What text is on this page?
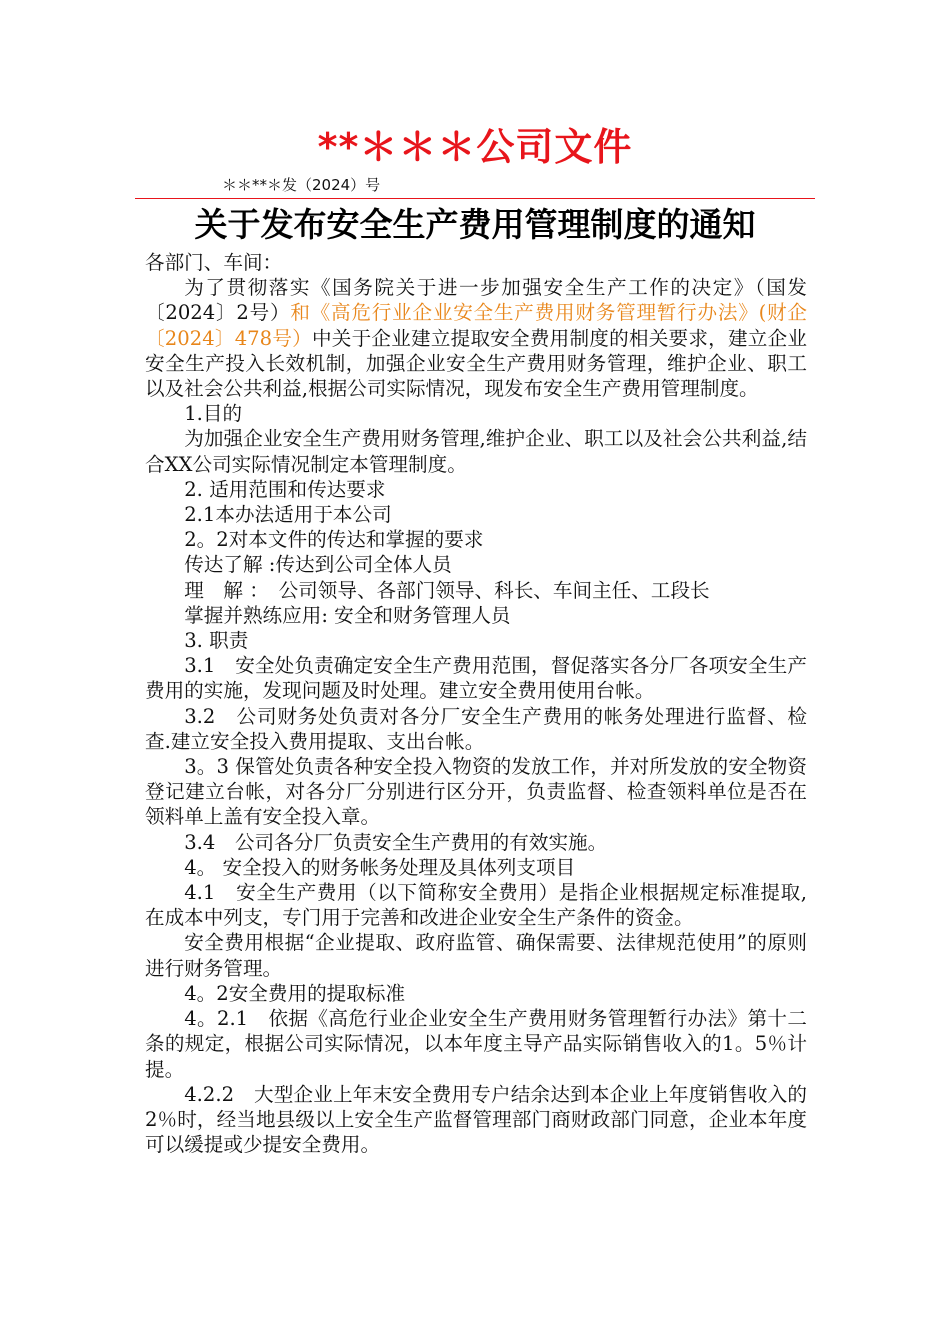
**＊＊＊公司文件
＊＊**＊发（2024）号
关于发布安全生产费用管理制度的通知

各部门、车间：

为了贯彻落实《国务院关于进一步加强安全生产工作的决定》（国发〔2024〕2号）和《高危行业企业安全生产费用财务管理暂行办法》(财企〔2024〕478号）中关于企业建立提取安全费用制度的相关要求，建立企业安全生产投入长效机制，加强企业安全生产费用财务管理，维护企业、职工以及社会公共利益,根据公司实际情况，现发布安全生产费用管理制度。

1.目的

为加强企业安全生产费用财务管理,维护企业、职工以及社会公共利益,结合XX公司实际情况制定本管理制度。

2. 适用范围和传达要求

2.1本办法适用于本公司

2。2对本文件的传达和掌握的要求

传达了解 :传达到公司全体人员

理　解 ：　公司领导、各部门领导、科长、车间主任、工段长

掌握并熟练应用: 安全和财务管理人员

3. 职责

3.1　安全处负责确定安全生产费用范围，督促落实各分厂各项安全生产费用的实施，发现问题及时处理。建立安全费用使用台帐。

3.2　公司财务处负责对各分厂安全生产费用的帐务处理进行监督、检查.建立安全投入费用提取、支出台帐。

3。3 保管处负责各种安全投入物资的发放工作，并对所发放的安全物资登记建立台帐，对各分厂分别进行区分开，负责监督、检查领料单位是否在领料单上盖有安全投入章。

3.4　公司各分厂负责安全生产费用的有效实施。

4。 安全投入的财务帐务处理及具体列支项目

4.1　安全生产费用（以下简称安全费用）是指企业根据规定标准提取,在成本中列支，专门用于完善和改进企业安全生产条件的资金。

安全费用根据“企业提取、政府监管、确保需要、法律规范使用”的原则进行财务管理。

4。2安全费用的提取标准

4。2.1　依据《高危行业企业安全生产费用财务管理暂行办法》第十二条的规定，根据公司实际情况，以本年度主导产品实际销售收入的1。5％计提。

4.2.2　大型企业上年末安全费用专户结余达到本企业上年度销售收入的2％时，经当地县级以上安全生产监督管理部门商财政部门同意，企业本年度可以缓提或少提安全费用。
